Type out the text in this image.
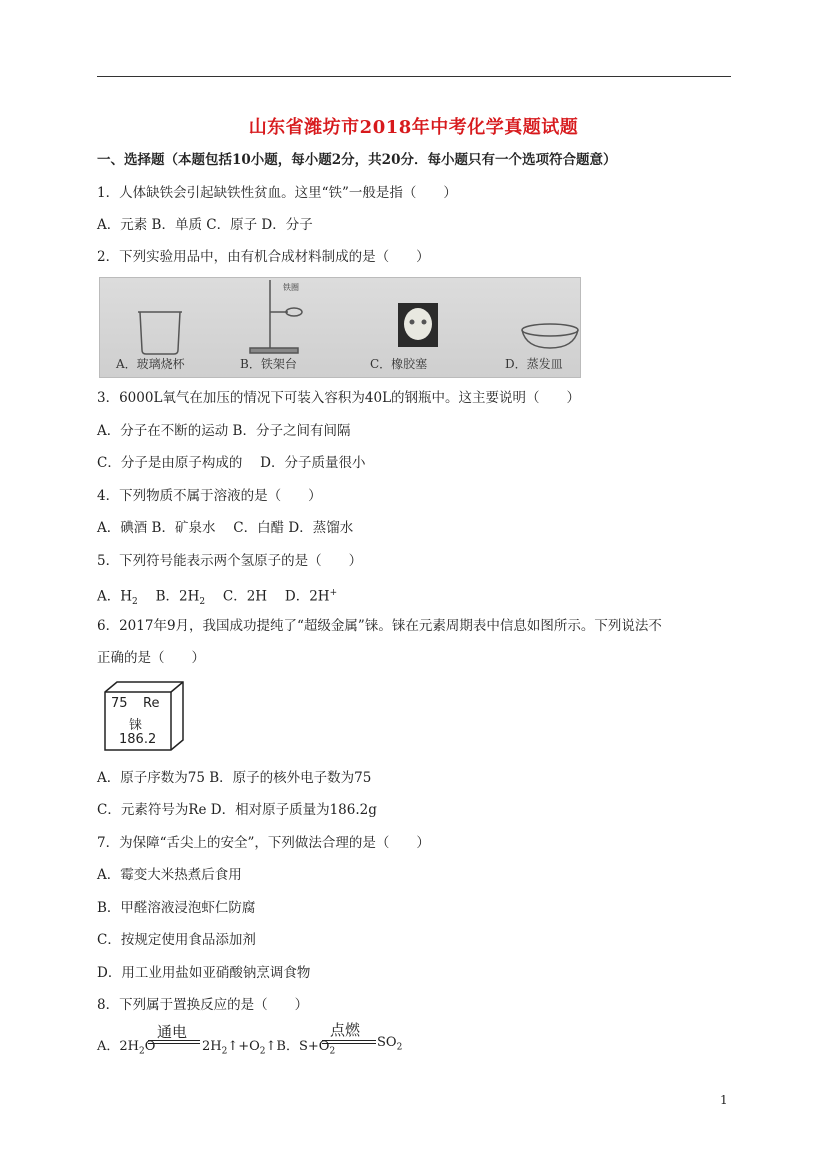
山东省潍坊市2018年中考化学真题试题
一、选择题（本题包括10小题，每小题2分，共20分．每小题只有一个选项符合题意）
1．人体缺铁会引起缺铁性贫血。这里“铁”一般是指（　　）
A．元素 B．单质 C．原子 D．分子
2．下列实验用品中，由有机合成材料制成的是（　　）
A．玻璃烧杯	B．铁架台
铁圈
C．橡胶塞	D．蒸发皿
3．6000L氧气在加压的情况下可装入容积为40L的钢瓶中。这主要说明（　　）
A．分子在不断的运动 B．分子之间有间隔
C．分子是由原子构成的　 D．分子质量很小
4．下列物质不属于溶液的是（　　）
A．碘酒 B．矿泉水　 C．白醋 D．蒸馏水
5．下列符号能表示两个氢原子的是（　　）
A．$H_2$　 B．$2H_2$　 C．2H　 D．2H+
6．2017年9月，我国成功提纯了“超级金属”铼。铼在元素周期表中信息如图所示。下列说法不
正确的是（　　）
75 Re
铼
186.2
A．原子序数为75 B．原子的核外电子数为75
C．元素符号为Re D．相对原子质量为186.2g
7．为保障“舌尖上的安全”，下列做法合理的是（　　）
A．霉变大米热煮后食用
B．甲醛溶液浸泡虾仁防腐
C．按规定使用食品添加剂
D．用工业用盐如亚硝酸钠烹调食物
8．下列属于置换反应的是（　　）
A．$2H_2O$
通电
$2H_2↑+O_2↑B$．$S+O_2$
点燃
$SO_2$
1
